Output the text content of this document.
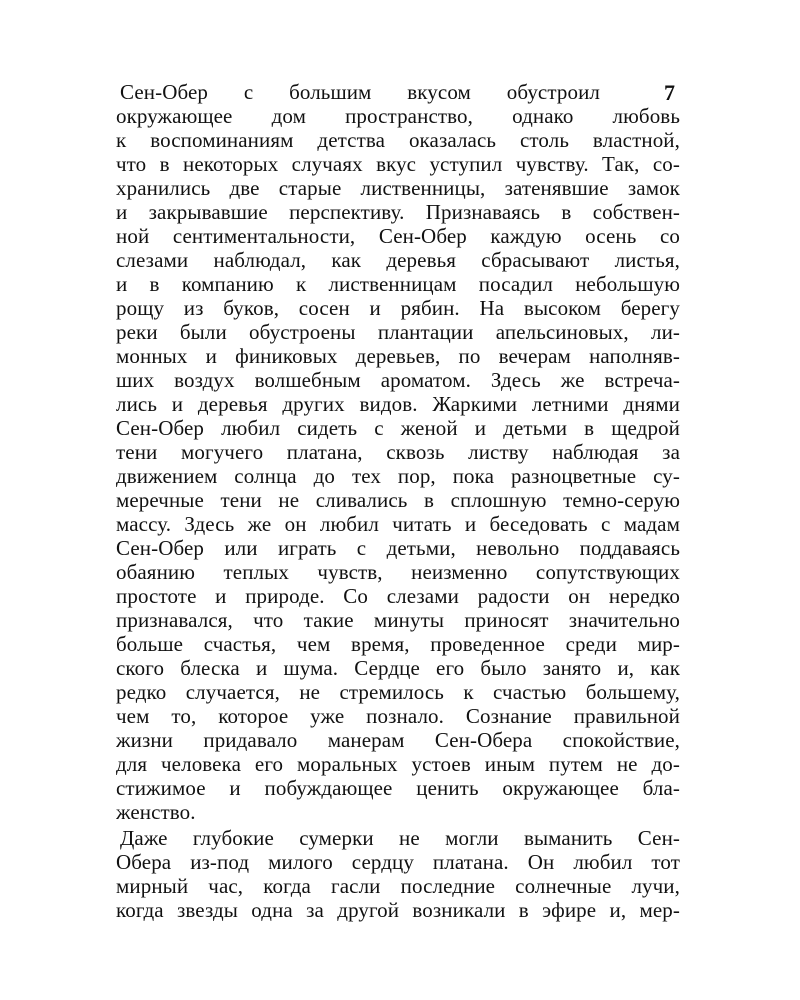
7
Сен-Обер с большим вкусом обустроил
окружающее дом пространство, однако любовь
к воспоминаниям детства оказалась столь властной,
что в некоторых случаях вкус уступил чувству. Так, со-
хранились две старые лиственницы, затенявшие замок
и закрывавшие перспективу. Признаваясь в собствен-
ной сентиментальности, Сен-Обер каждую осень со
слезами наблюдал, как деревья сбрасывают листья,
и в компанию к лиственницам посадил небольшую
рощу из буков, сосен и рябин. На высоком берегу
реки были обустроены плантации апельсиновых, ли-
монных и финиковых деревьев, по вечерам наполняв-
ших воздух волшебным ароматом. Здесь же встреча-
лись и деревья других видов. Жаркими летними днями
Сен-Обер любил сидеть с женой и детьми в щедрой
тени могучего платана, сквозь листву наблюдая за
движением солнца до тех пор, пока разноцветные су-
меречные тени не сливались в сплошную темно-серую
массу. Здесь же он любил читать и беседовать с мадам
Сен-Обер или играть с детьми, невольно поддаваясь
обаянию теплых чувств, неизменно сопутствующих
простоте и природе. Со слезами радости он нередко
признавался, что такие минуты приносят значительно
больше счастья, чем время, проведенное среди мир-
ского блеска и шума. Сердце его было занято и, как
редко случается, не стремилось к счастью большему,
чем то, которое уже познало. Сознание правильной
жизни придавало манерам Сен-Обера спокойствие,
для человека его моральных устоев иным путем не до-
стижимое и побуждающее ценить окружающее бла-
женство.
Даже глубокие сумерки не могли выманить Сен-
Обера из-под милого сердцу платана. Он любил тот
мирный час, когда гасли последние солнечные лучи,
когда звезды одна за другой возникали в эфире и, мер-
